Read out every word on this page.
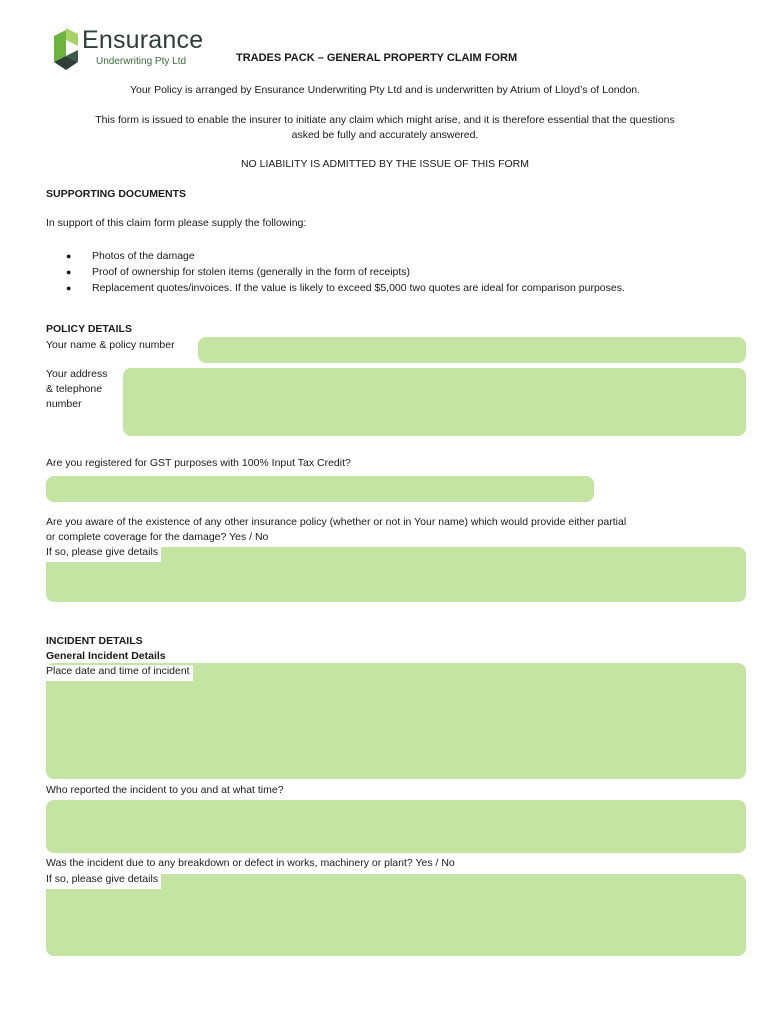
Ensurance
Underwriting Pty Ltd	TRADES PACK – GENERAL PROPERTY CLAIM FORM
Your Policy is arranged by Ensurance Underwriting Pty Ltd and is underwritten by Atrium of Lloyd’s of London.
This form is issued to enable the insurer to initiate any claim which might arise, and it is therefore essential that the questions
asked be fully and accurately answered.
NO LIABILITY IS ADMITTED BY THE ISSUE OF THIS FORM
SUPPORTING DOCUMENTS
In support of this claim form please supply the following:
●	Photos of the damage
●	Proof of ownership for stolen items (generally in the form of receipts)
●	Replacement quotes/invoices. If the value is likely to exceed $5,000 two quotes are ideal for comparison purposes.
POLICY DETAILS
Your name & policy number
Your address
& telephone
number
Are you registered for GST purposes with 100% Input Tax Credit?
Are you aware of the existence of any other insurance policy (whether or not in Your name) which would provide either partial
or complete coverage for the damage? Yes / No
If so, please give details
INCIDENT DETAILS
General Incident Details
Place date and time of incident
Who reported the incident to you and at what time?
Was the incident due to any breakdown or defect in works, machinery or plant? Yes / No
If so, please give details
